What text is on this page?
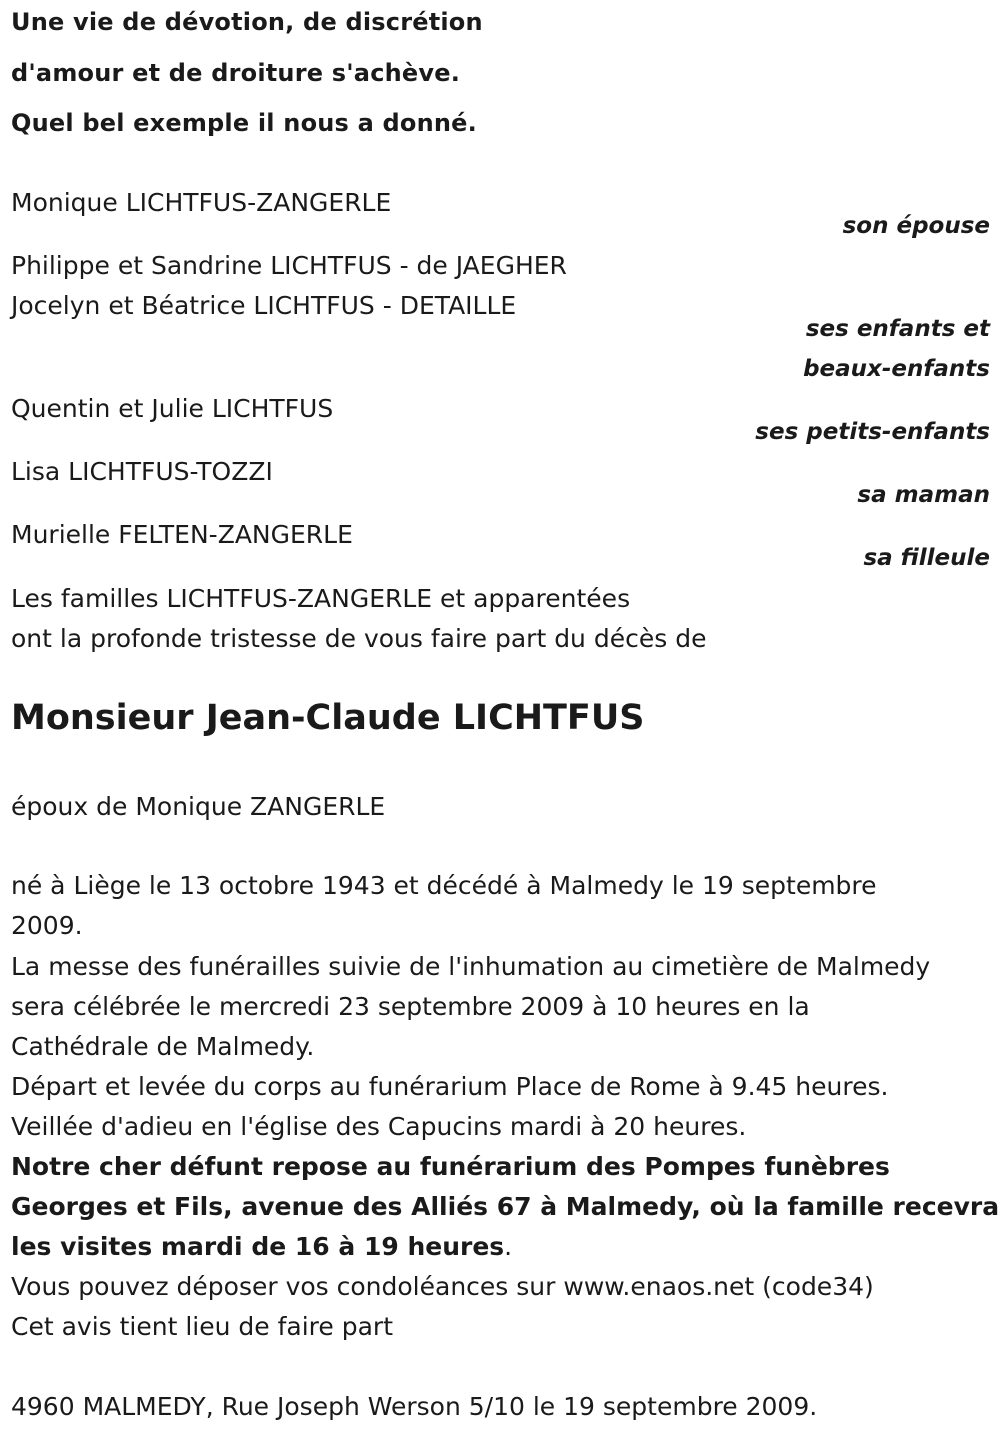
Une vie de dévotion, de discrétion
d'amour et de droiture s'achève.
Quel bel exemple il nous a donné.
Monique LICHTFUS-ZANGERLE
son épouse
Philippe et Sandrine LICHTFUS - de JAEGHER
Jocelyn et Béatrice LICHTFUS - DETAILLE
ses enfants et
beaux-enfants
Quentin et Julie LICHTFUS
ses petits-enfants
Lisa LICHTFUS-TOZZI
sa maman
Murielle FELTEN-ZANGERLE
sa filleule
Les familles LICHTFUS-ZANGERLE et apparentées
ont la profonde tristesse de vous faire part du décès de
Monsieur Jean-Claude LICHTFUS
époux de Monique ZANGERLE
né à Liège le 13 octobre 1943 et décédé à Malmedy le 19 septembre
2009.
La messe des funérailles suivie de l'inhumation au cimetière de Malmedy
sera célébrée le mercredi 23 septembre 2009 à 10 heures en la
Cathédrale de Malmedy.
Départ et levée du corps au funérarium Place de Rome à 9.45 heures.
Veillée d'adieu en l'église des Capucins mardi à 20 heures.
Notre cher défunt repose au funérarium des Pompes funèbres
Georges et Fils, avenue des Alliés 67 à Malmedy, où la famille recevra
les visites mardi de 16 à 19 heures.
Vous pouvez déposer vos condoléances sur www.enaos.net (code34)
Cet avis tient lieu de faire part
4960 MALMEDY, Rue Joseph Werson 5/10 le 19 septembre 2009.
